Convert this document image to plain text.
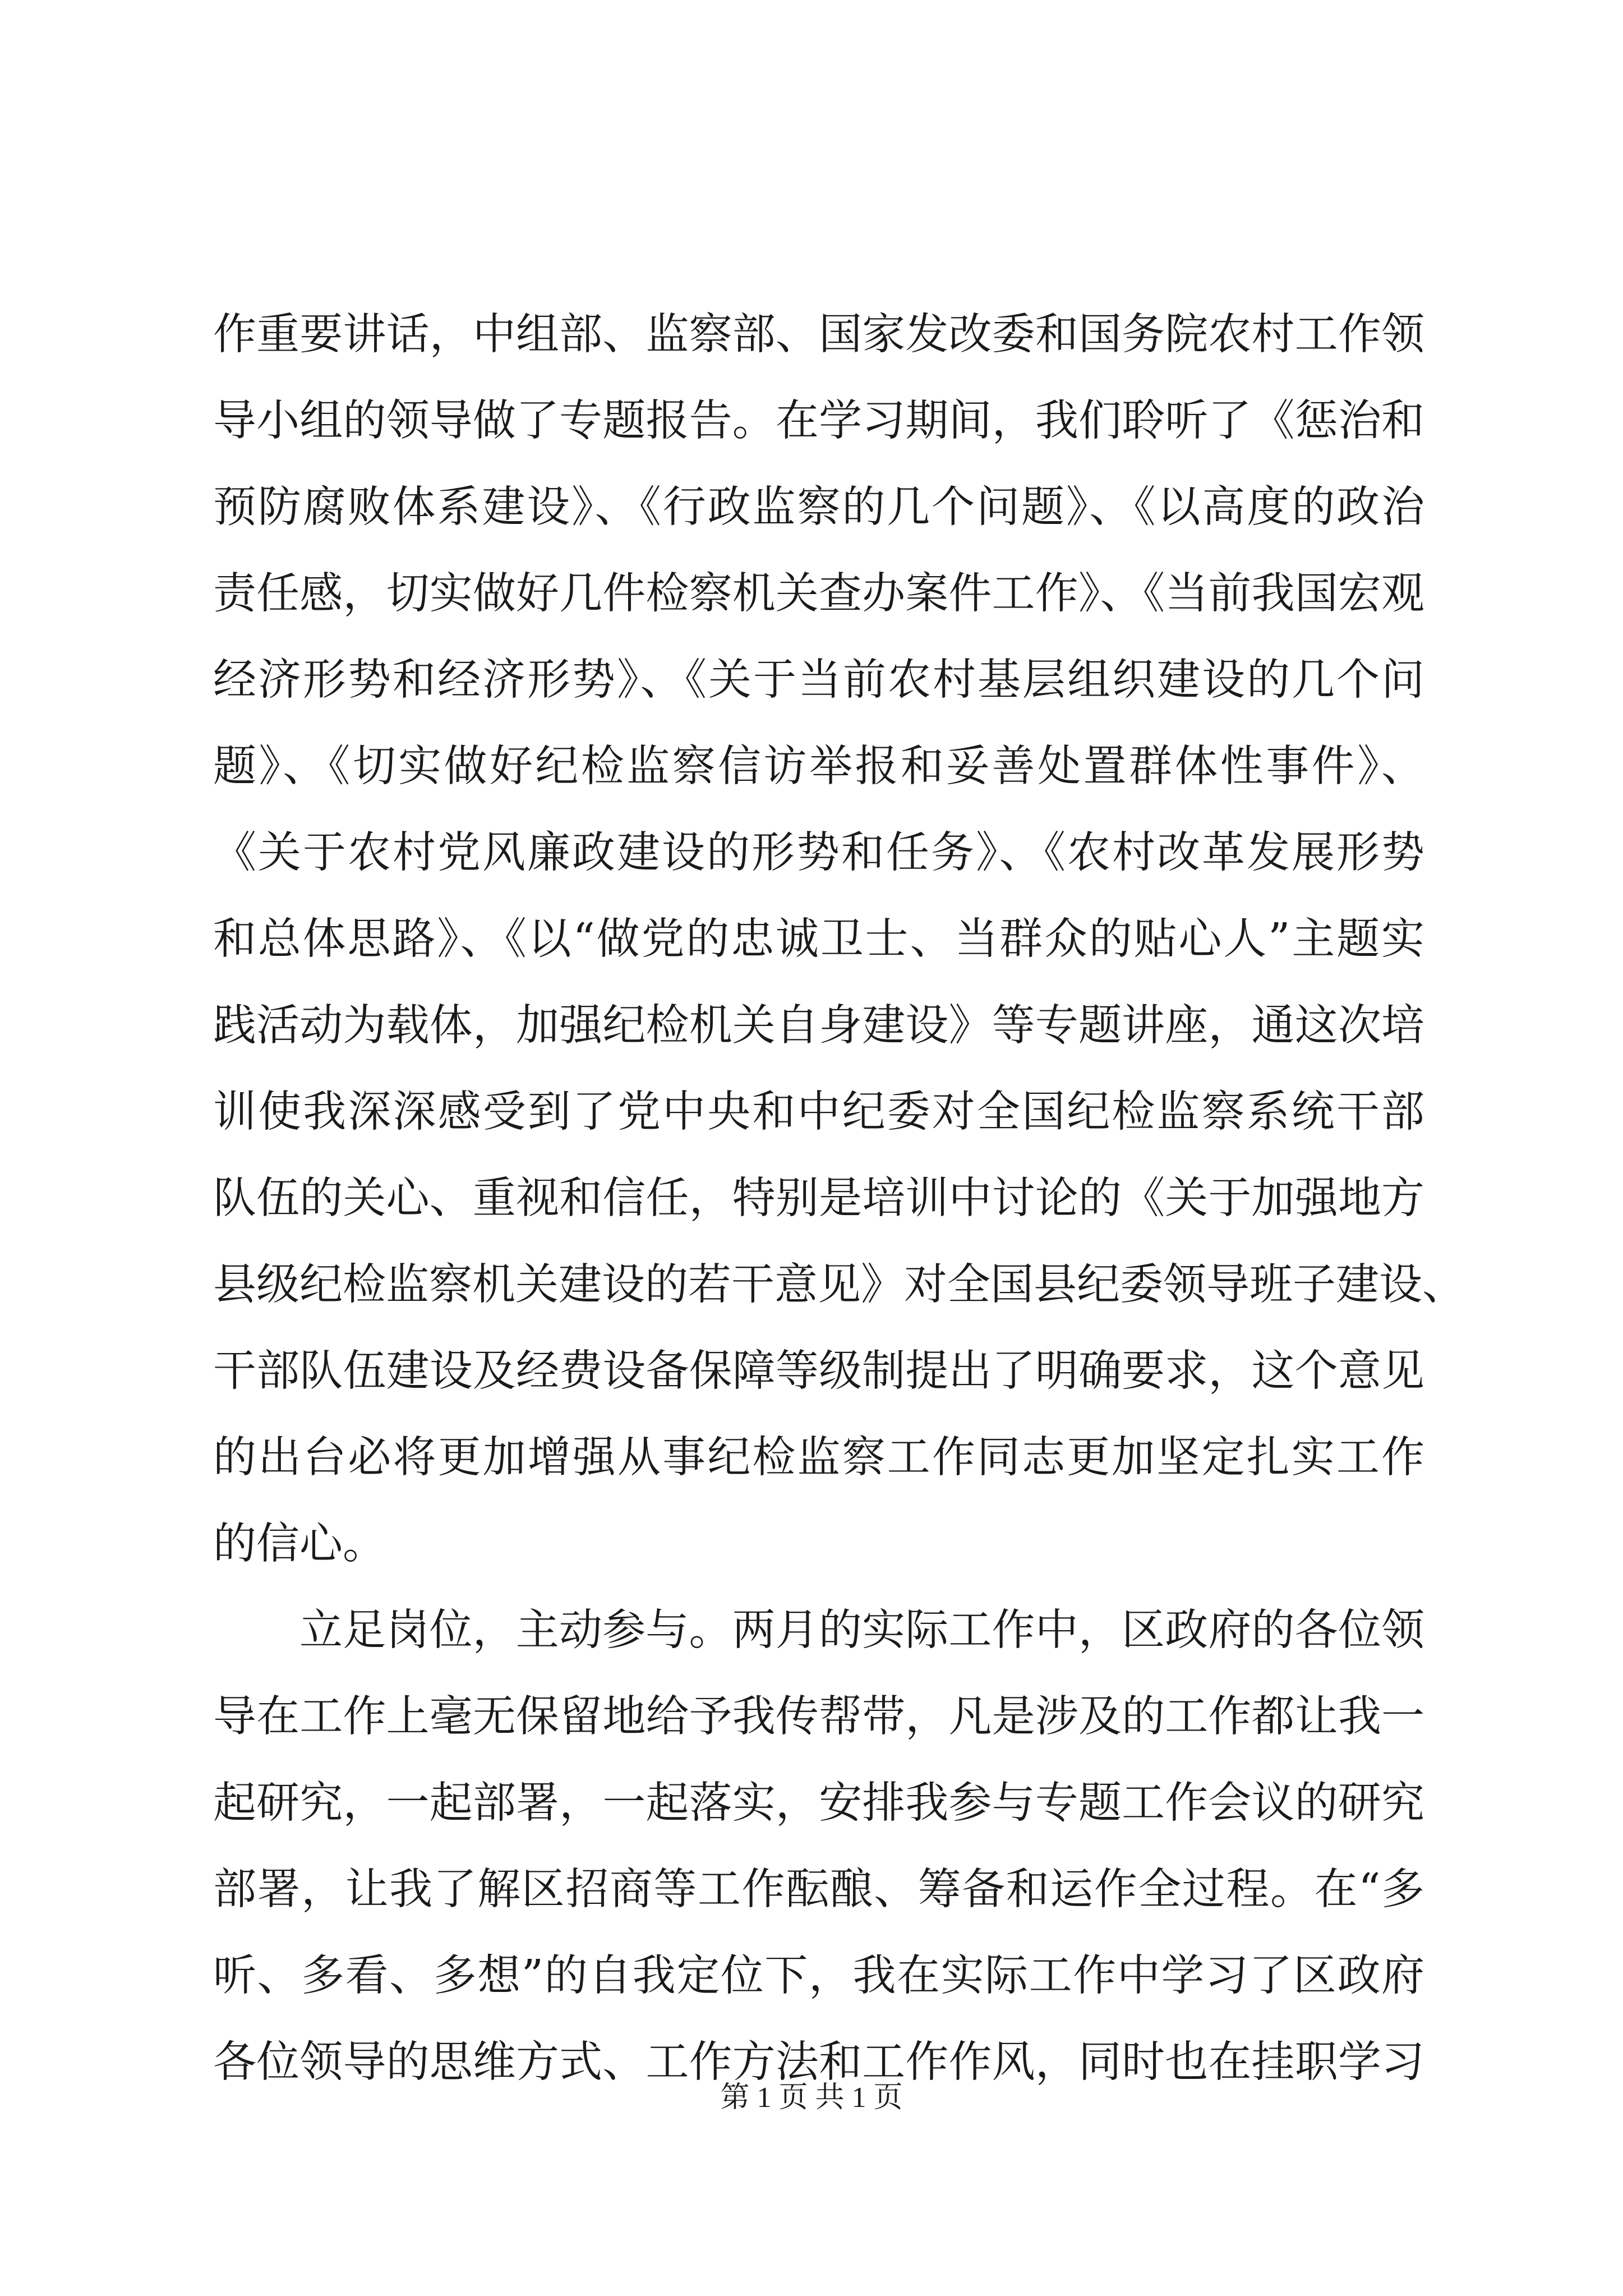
作重要讲话，中组部、监察部、国家发改委和国务院农村工作领
导小组的领导做了专题报告。在学习期间，我们聆听了《惩治和
预防腐败体系建设》、《行政监察的几个问题》、《以高度的政治
责任感，切实做好几件检察机关查办案件工作》、《当前我国宏观
经济形势和经济形势》、《关于当前农村基层组织建设的几个问
题》、《切实做好纪检监察信访举报和妥善处置群体性事件》、
《关于农村党风廉政建设的形势和任务》、《农村改革发展形势
和总体思路》、《以“做党的忠诚卫士、当群众的贴心人”主题实
践活动为载体，加强纪检机关自身建设》等专题讲座，通这次培
训使我深深感受到了党中央和中纪委对全国纪检监察系统干部
队伍的关心、重视和信任，特别是培训中讨论的《关于加强地方
县级纪检监察机关建设的若干意见》对全国县纪委领导班子建设、
干部队伍建设及经费设备保障等级制提出了明确要求，这个意见
的出台必将更加增强从事纪检监察工作同志更加坚定扎实工作
的信心。
立足岗位，主动参与。两月的实际工作中，区政府的各位领
导在工作上毫无保留地给予我传帮带，凡是涉及的工作都让我一
起研究，一起部署，一起落实，安排我参与专题工作会议的研究
部署，让我了解区招商等工作酝酿、筹备和运作全过程。在“多
听、多看、多想”的自我定位下，我在实际工作中学习了区政府
各位领导的思维方式、工作方法和工作作风，同时也在挂职学习
第 1 页 共 1 页
